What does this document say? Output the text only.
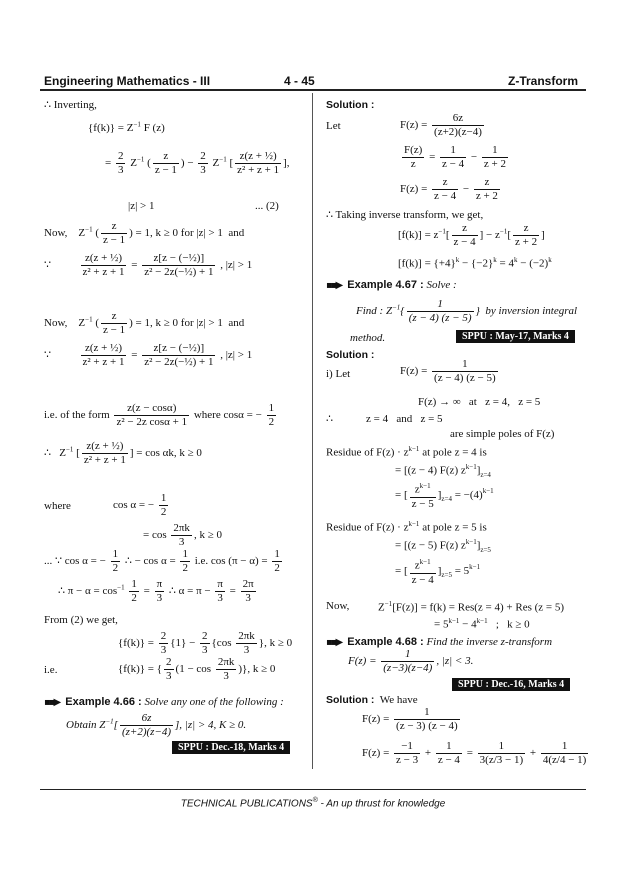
Engineering Mathematics - III	4 - 45	Z-Transform
∴ Inverting,
$\{f(k)\} = Z^{-1}$ F (z)
= $\frac{2}{3} Z^{-1}$ ( $\frac{z}{z - 1}$ ) − $\frac{2}{3} Z^{-1}$ [ $\frac{\text{z(z + ½)}}{\text{z² + z + 1}}$ ],
|z| > 1	... (2)
Now,    $Z^{-1}$ ( $\frac{z}{z - 1}$ ) = 1, k ≥ 0 for |z| > 1  and
∵ $\frac{\text{z(z + ½)}}{\text{z² + z + 1}} = \frac{\text{z[z − (−½)]}}{\text{z² − 2z(−½) + 1}}$ , |z| > 1
Now,    $Z^{-1}$ ( $\frac{z}{z - 1}$ ) = 1, k ≥ 0 for |z| > 1  and
∵ $\frac{\text{z(z + ½)}}{\text{z² + z + 1}} = \frac{\text{z[z − (−½)]}}{\text{z² − 2z(−½) + 1}}$ , |z| > 1
i.e. of the form $\frac{z(z - \cos\alpha)}{\text{z² − 2z cosα + 1}}$ where cosα = − $\frac{1}{2}$
∴   $Z^{-1}$ [ $\frac{\text{z(z + ½)}}{\text{z² + z + 1}}$ ] = cos αk, k ≥ 0
where	cos α = − $\frac{1}{2}$
= $\cos \frac{2\pi k}{3}$ , k ≥ 0
... ∵ cos α = − $\frac{1}{2}$ ∴ − $\cos \alpha = \frac{1}{2} i.e$. $\cos (\pi - \alpha) = \frac{1}{2}$
∴ $\pi - \alpha = \cos^{-1} \frac{1}{2} = \frac{\pi}{3}$ ∴ $\alpha = \pi - \frac{\pi}{3} = \frac{2\pi}{3}$
From (2) we get,
$\{f(k)\} = \frac{2}{3} \{1\} - \frac{2}{3} \{\cos \frac{2\pi k}{3}$ }, k ≥ 0
i.e.	{f(k)} = { $\frac{2}{3} (1 - \cos \frac{2\pi k}{3}$ )}, k ≥ 0
▪▪▶ Example 4.66 : Solve any one of the following :
Obtain $Z^{-1}[ \frac{6z}{(z+2)(z-4)}$ ], |z| > 4, K ≥ 0.
SPPU : Dec.-18, Marks 4
Solution :
Let	$F(z) = \frac{6z}{(z+2)(z-4)}$
$\frac{F(z)}{z} = \frac{1}{z - 4} - \frac{1}{z + 2}$
$F(z) = \frac{z}{z - 4} - \frac{z}{z + 2}$
∴ Taking inverse transform, we get,
$[f(k)] = z^{-1}[ \frac{z}{z - 4}$ ] − $z^{-1}[ \frac{z}{z + 2}$ ]
$[f(k)] = \{+4\}^k - \{-2\}^k = 4^k - (-2)^k$
▪▪▶ Example 4.67 : Solve :
Find : $Z^{-1}\{ \frac{1}{(z - 4) (z - 5)}$ }  by inversion integral
method.	SPPU : May-17, Marks 4
Solution :
i) Let	$F(z) = \frac{1}{(z - 4) (z - 5)}$
F(z) → ∞   at   z = 4,   z = 5
∴            z = 4   and   z = 5
are simple poles of F(z)
Residue of $F(z) \cdot z^{k-1}$ at pole z = 4 is
= [(z − 4) F(z) $z^{k-1}]_{z=4}$
= [ $\frac{z^{k-1}}{z - 5} ]_{z=4} = -(4)^{k-1}$
Residue of $F(z) \cdot z^{k-1}$ at pole z = 5 is
= [(z − 5) F(z) $z^{k-1}]_{z=5}$
= [ $\frac{z^{k-1}}{z - 4} ]_{z=5} = 5^{k-1}$
Now,	$Z^{-1}[F(z)] = f(k) = Res(z = 4)$ + Res (z = 5)
= $5^{k-1} - 4^{k-1}$   ;   k ≥ 0
▪▪▶ Example 4.68 : Find the inverse z-transform
$F(z) = \frac{1}{(z-3)(z-4)}$ , |z| < 3.
SPPU : Dec.-16, Marks 4
Solution : We have
$F(z) = \frac{1}{(z - 3) (z - 4)}$
$F(z) = \frac{-1}{z - 3} + \frac{1}{z - 4} = \frac{1}{3(z/3 - 1)} + \frac{1}{4(z/4 - 1)}$
TECHNICAL PUBLICATIONS® - An up thrust for knowledge
